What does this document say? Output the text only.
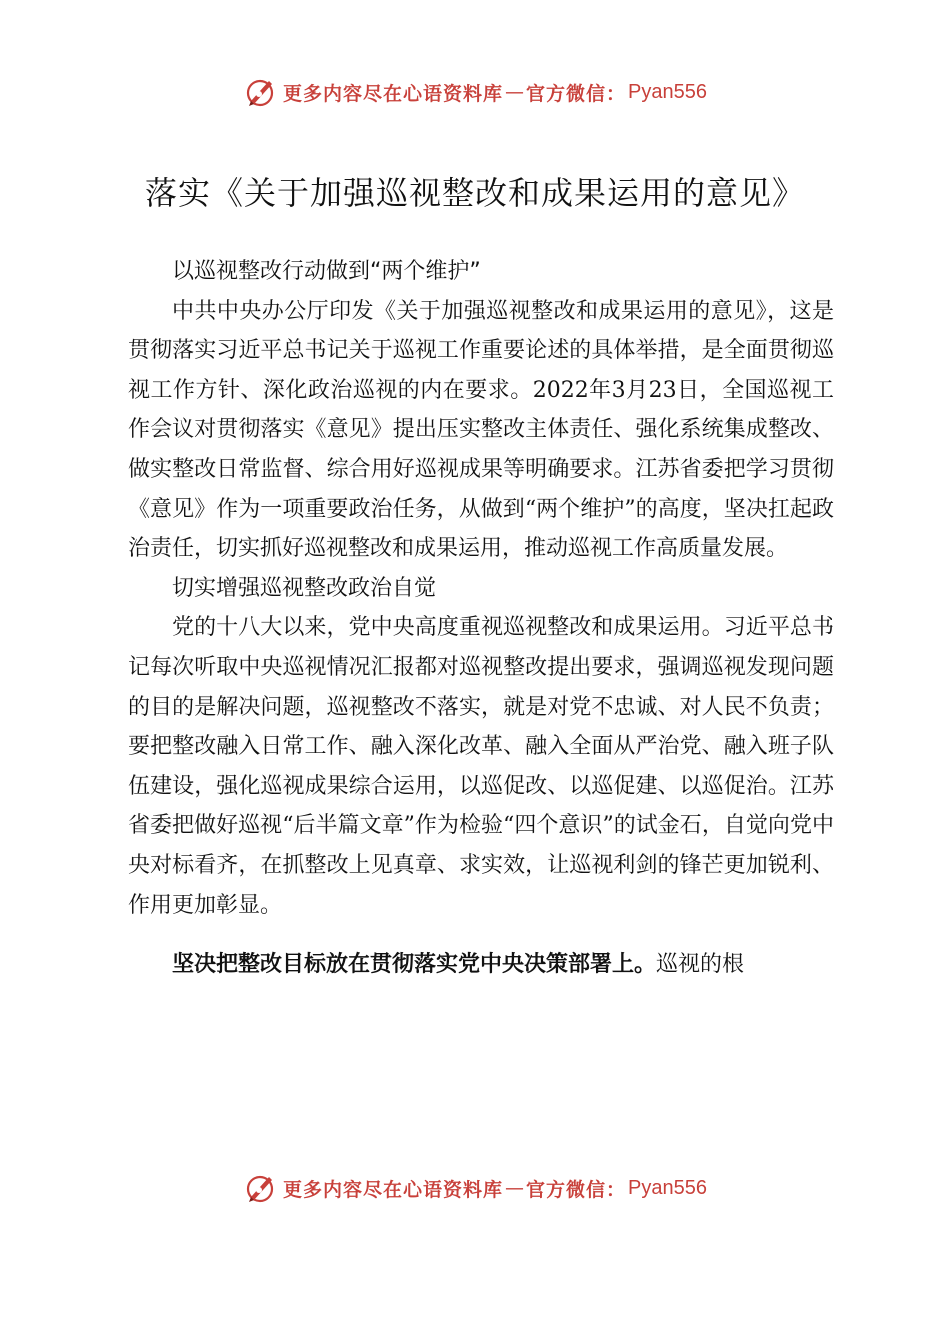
更多内容尽在心语资料库 — 官方微信： Pyan556
落实《关于加强巡视整改和成果运用的意见》
以巡视整改行动做到“两个维护”

中共中央办公厅印发《关于加强巡视整改和成果运用的意见》，这是贯彻落实习近平总书记关于巡视工作重要论述的具体举措，是全面贯彻巡视工作方针、深化政治巡视的内在要求。2022年3月23日，全国巡视工作会议对贯彻落实《意见》提出压实整改主体责任、强化系统集成整改、做实整改日常监督、综合用好巡视成果等明确要求。江苏省委把学习贯彻《意见》作为一项重要政治任务，从做到“两个维护”的高度，坚决扛起政治责任，切实抓好巡视整改和成果运用，推动巡视工作高质量发展。

切实增强巡视整改政治自觉

党的十八大以来，党中央高度重视巡视整改和成果运用。习近平总书记每次听取中央巡视情况汇报都对巡视整改提出要求，强调巡视发现问题的目的是解决问题，巡视整改不落实，就是对党不忠诚、对人民不负责；要把整改融入日常工作、融入深化改革、融入全面从严治党、融入班子队伍建设，强化巡视成果综合运用，以巡促改、以巡促建、以巡促治。江苏省委把做好巡视“后半篇文章”作为检验“四个意识”的试金石，自觉向党中央对标看齐，在抓整改上见真章、求实效，让巡视利剑的锋芒更加锐利、作用更加彰显。

坚决把整改目标放在贯彻落实党中央决策部署上。巡视的根

更多内容尽在心语资料库 — 官方微信： Pyan556
